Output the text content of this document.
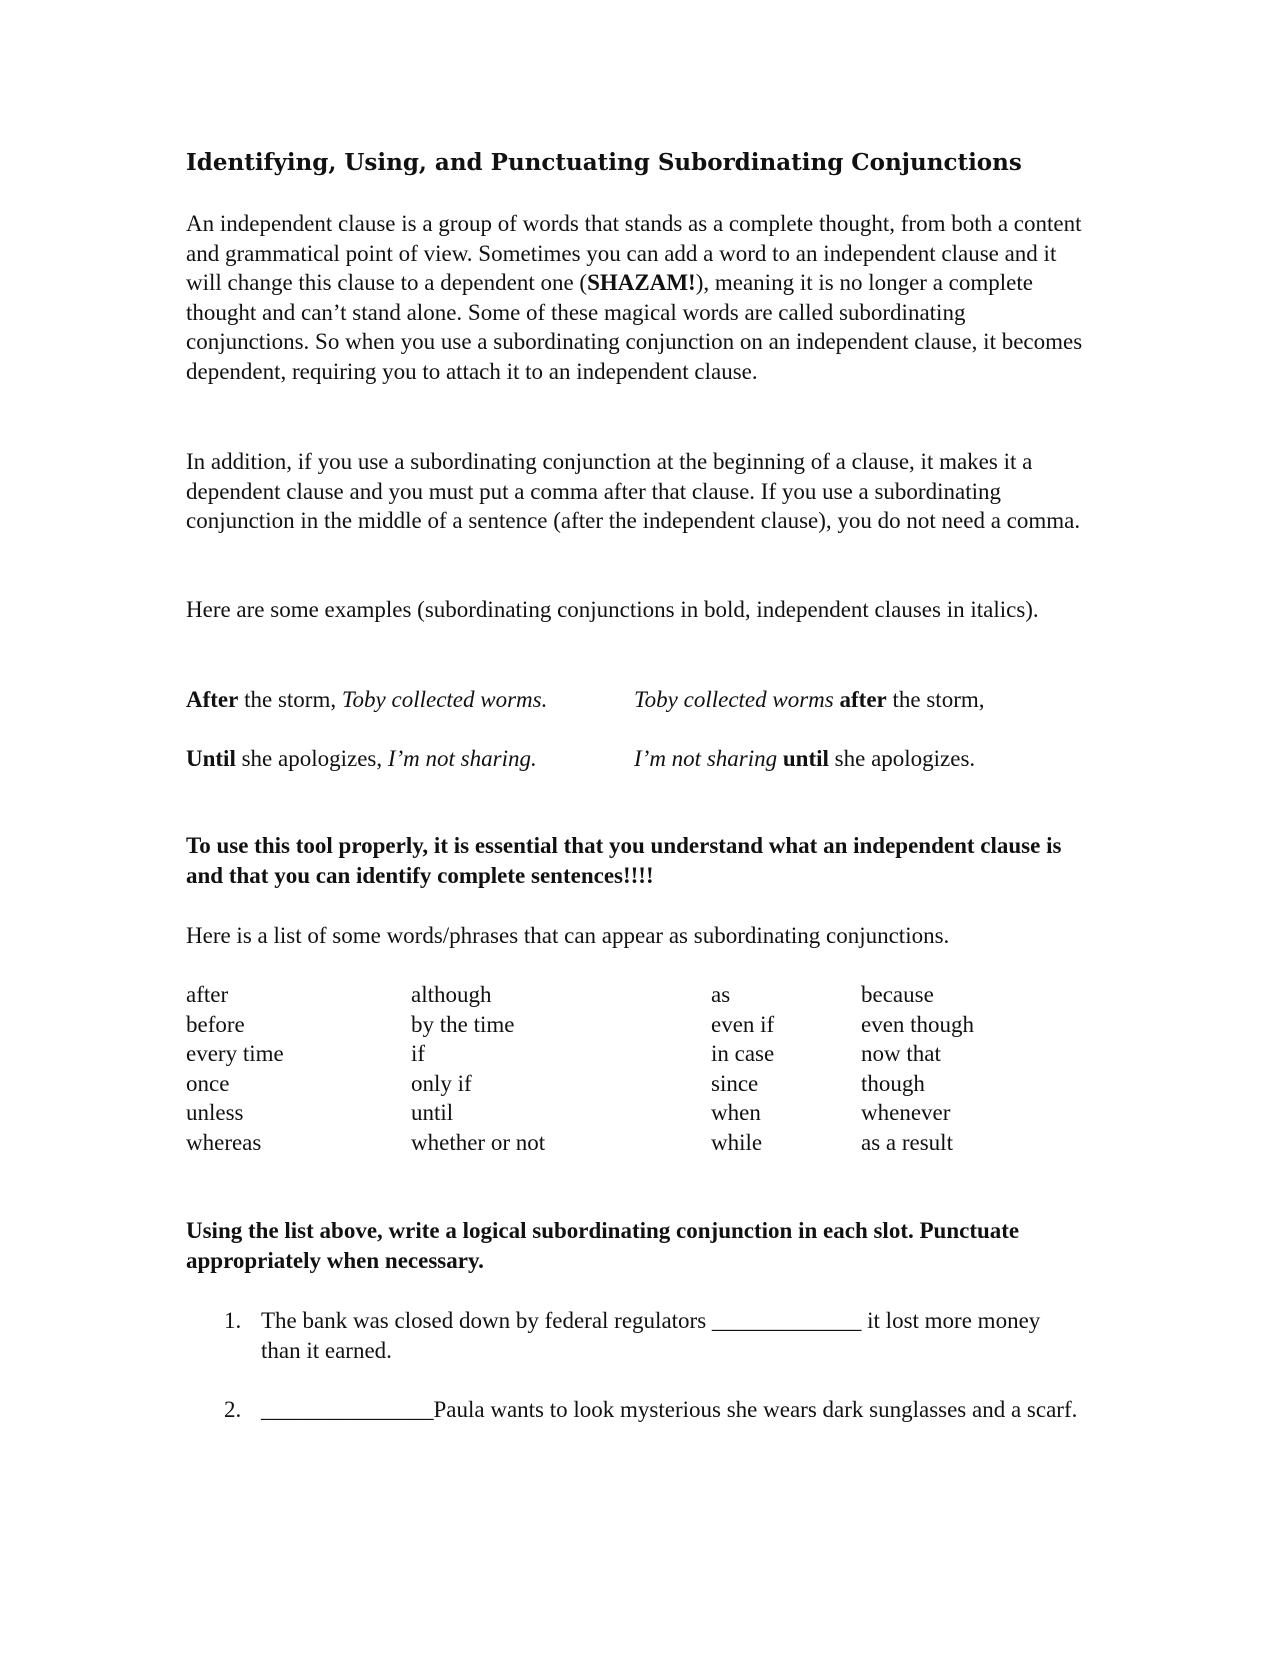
Identifying, Using, and Punctuating Subordinating Conjunctions

An independent clause is a group of words that stands as a complete thought, from both a content and grammatical point of view. Sometimes you can add a word to an independent clause and it will change this clause to a dependent one (SHAZAM!), meaning it is no longer a complete thought and can’t stand alone. Some of these magical words are called subordinating conjunctions. So when you use a subordinating conjunction on an independent clause, it becomes dependent, requiring you to attach it to an independent clause.

In addition, if you use a subordinating conjunction at the beginning of a clause, it makes it a dependent clause and you must put a comma after that clause. If you use a subordinating conjunction in the middle of a sentence (after the independent clause), you do not need a comma.

Here are some examples (subordinating conjunctions in bold, independent clauses in italics).

After the storm, Toby collected worms.	Toby collected worms after the storm,
Until she apologizes, I’m not sharing.	I’m not sharing until she apologizes.

To use this tool properly, it is essential that you understand what an independent clause is and that you can identify complete sentences!!!!

Here is a list of some words/phrases that can appear as subordinating conjunctions.

after	although	as	because
before	by the time	even if	even though
every time	if	in case	now that
once	only if	since	though
unless	until	when	whenever
whereas	whether or not	while	as a result

Using the list above, write a logical subordinating conjunction in each slot. Punctuate appropriately when necessary.

1. The bank was closed down by federal regulators _____________ it lost more money than it earned.
2. _______________Paula wants to look mysterious she wears dark sunglasses and a scarf.
